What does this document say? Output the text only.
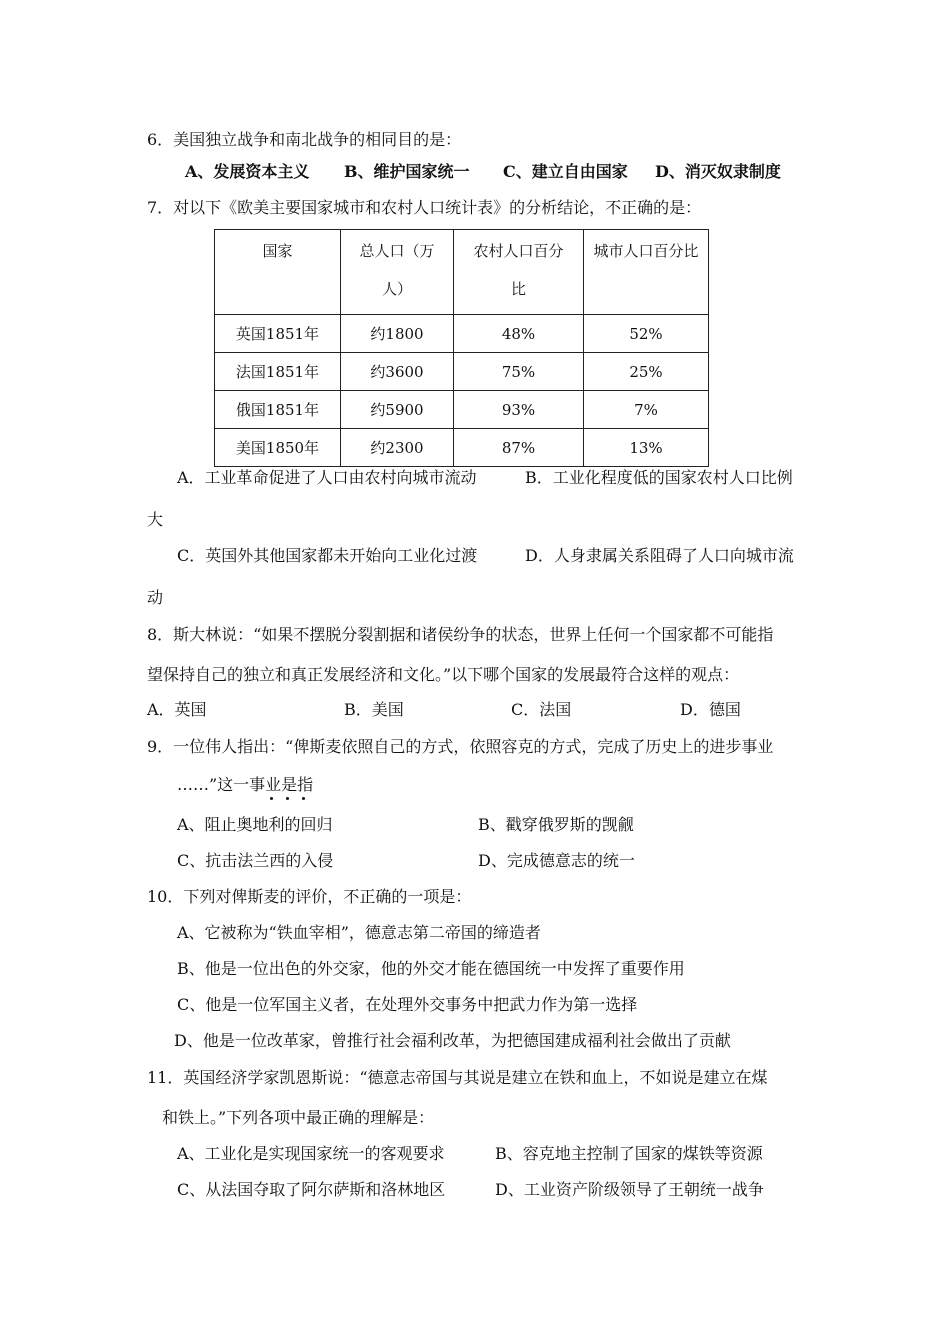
6．美国独立战争和南北战争的相同目的是：
A、发展资本主义 B、维护国家统一 C、建立自由国家 D、消灭奴隶制度
7．对以下《欧美主要国家城市和农村人口统计表》的分析结论，不正确的是：
国家	总人口（万人）	农村人口百分比	城市人口百分比
英国1851年	约1800	48%	52%
法国1851年	约3600	75%	25%
俄国1851年	约5900	93%	7%
美国1850年	约2300	87%	13%
A．工业革命促进了人口由农村向城市流动	B．工业化程度低的国家农村人口比例
大
C．英国外其他国家都未开始向工业化过渡	D．人身隶属关系阻碍了人口向城市流
动
8．斯大林说：“如果不摆脱分裂割据和诸侯纷争的状态，世界上任何一个国家都不可能指
望保持自己的独立和真正发展经济和文化。”以下哪个国家的发展最符合这样的观点：
A．英国	B．美国	C．法国	D．德国
9．一位伟人指出：“俾斯麦依照自己的方式，依照容克的方式，完成了历史上的进步事业
……”这一事业是指
A、阻止奥地利的回归	B、戳穿俄罗斯的觊觎
C、抗击法兰西的入侵	D、完成德意志的统一
10．下列对俾斯麦的评价，不正确的一项是：
A、它被称为“铁血宰相”，德意志第二帝国的缔造者
B、他是一位出色的外交家，他的外交才能在德国统一中发挥了重要作用
C、他是一位军国主义者，在处理外交事务中把武力作为第一选择
D、他是一位改革家，曾推行社会福利改革，为把德国建成福利社会做出了贡献
11．英国经济学家凯恩斯说：“德意志帝国与其说是建立在铁和血上，不如说是建立在煤
和铁上。”下列各项中最正确的理解是：
A、工业化是实现国家统一的客观要求	B、容克地主控制了国家的煤铁等资源
C、从法国夺取了阿尔萨斯和洛林地区	D、工业资产阶级领导了王朝统一战争
